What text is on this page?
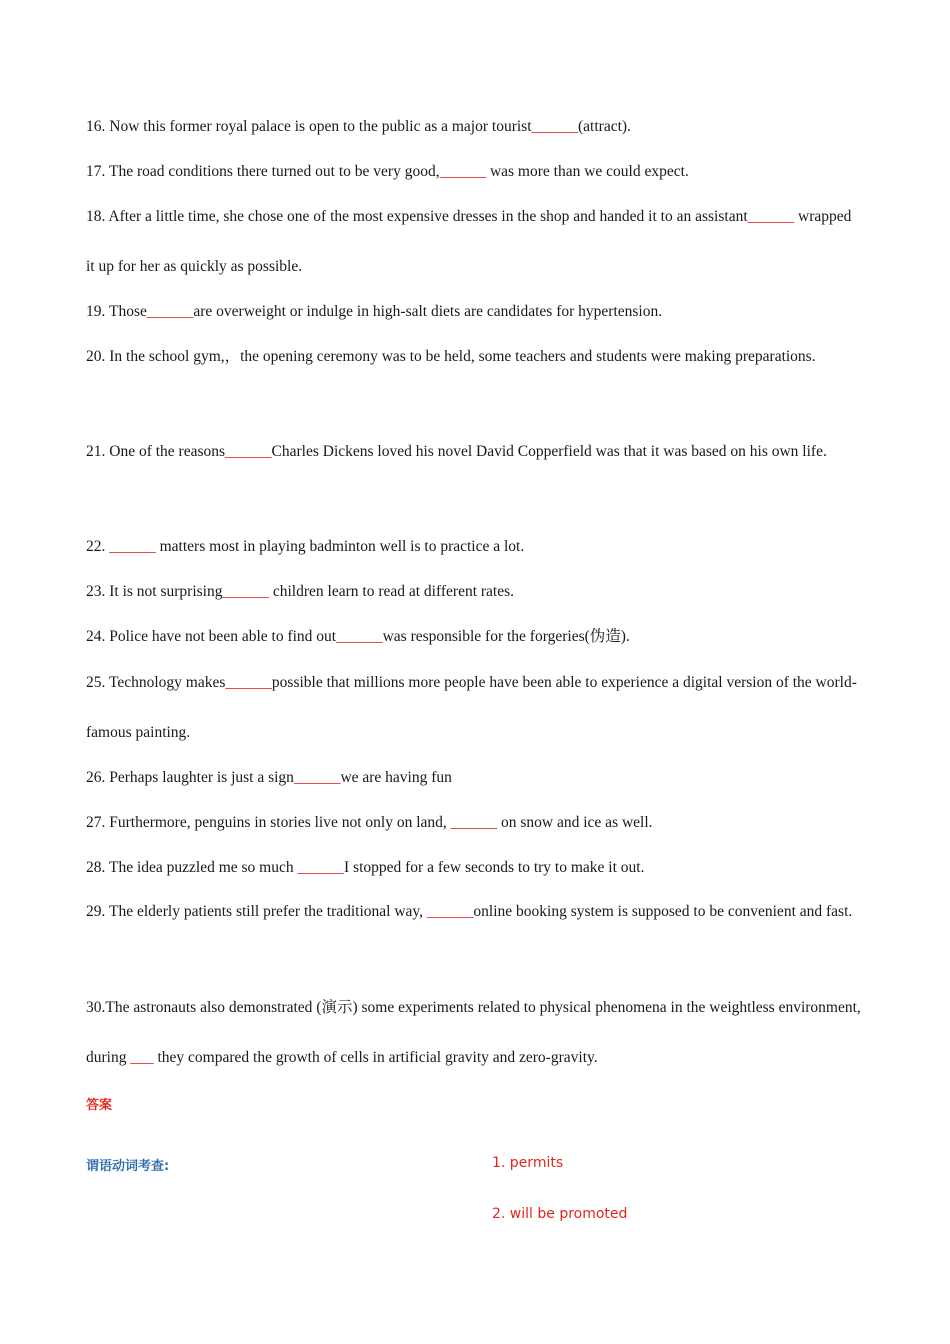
16. Now this former royal palace is open to the public as a major tourist______(attract).

17. The road conditions there turned out to be very good,______ was more than we could expect.

18. After a little time, she chose one of the most expensive dresses in the shop and handed it to an assistant______ wrapped it up for her as quickly as possible.

19. Those______are overweight or indulge in high-salt diets are candidates for hypertension.

20. In the school gym,，the opening ceremony was to be held, some teachers and students were making preparations.

21. One of the reasons______Charles Dickens loved his novel David Copperfield was that it was based on his own life.

22. ______ matters most in playing badminton well is to practice a lot.

23. It is not surprising______ children learn to read at different rates.

24. Police have not been able to find out______was responsible for the forgeries(伪造).

25. Technology makes______possible that millions more people have been able to experience a digital version of the world-famous painting.

26. Perhaps laughter is just a sign______we are having fun

27. Furthermore, penguins in stories live not only on land, ______ on snow and ice as well.

28. The idea puzzled me so much ______I stopped for a few seconds to try to make it out.

29. The elderly patients still prefer the traditional way, ______online booking system is supposed to be convenient and fast.

30.The astronauts also demonstrated (演示) some experiments related to physical phenomena in the weightless environment, during ___ they compared the growth of cells in artificial gravity and zero-gravity.

答案

谓语动词考查:	1. permits

2. will be promoted
